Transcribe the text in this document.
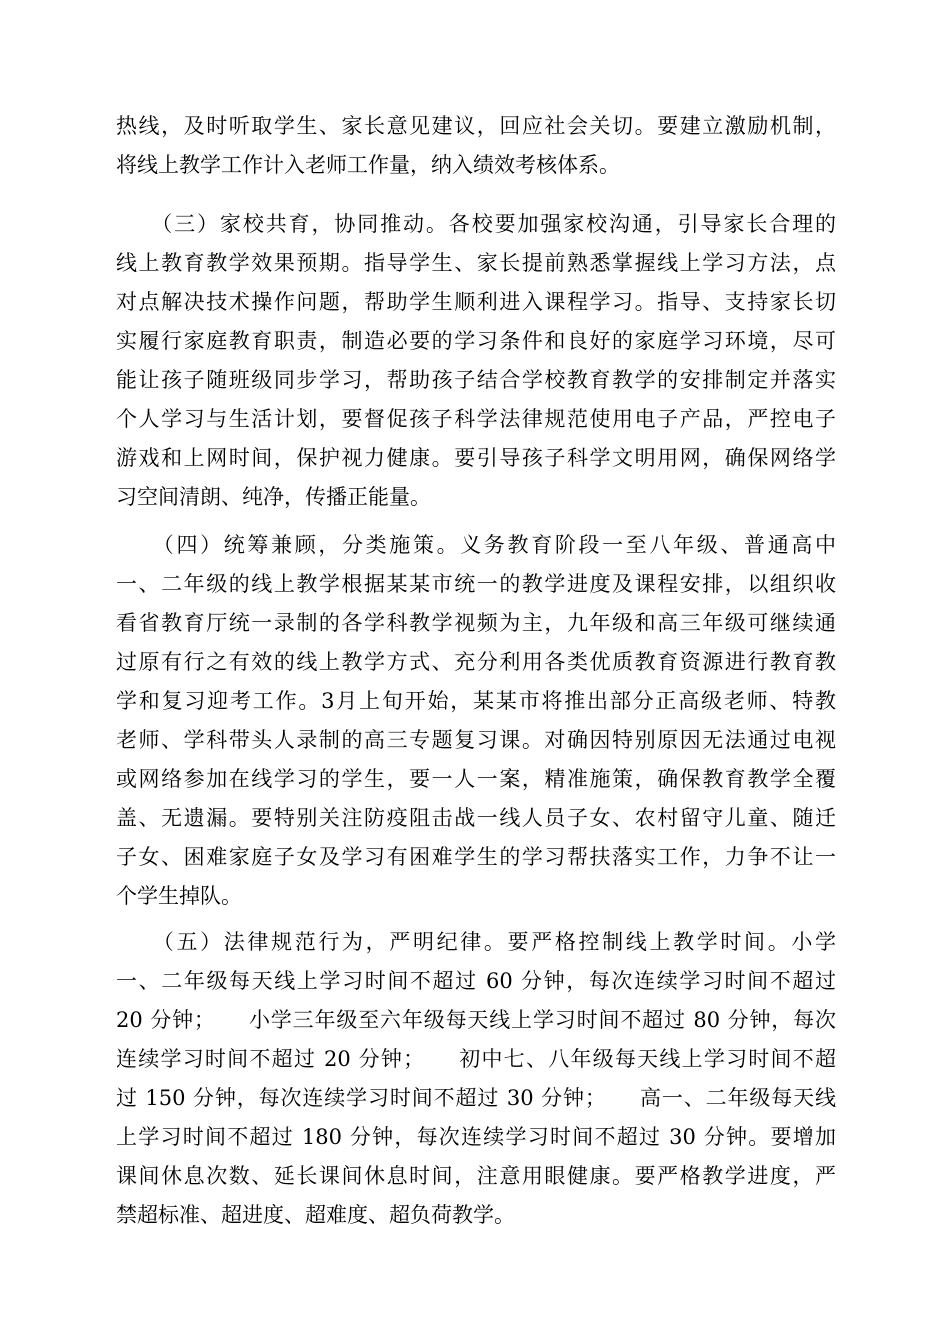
热线，及时听取学生、家长意见建议，回应社会关切。要建立激励机制，
将线上教学工作计入老师工作量，纳入绩效考核体系。

　　（三）家校共育，协同推动。各校要加强家校沟通，引导家长合理的
线上教育教学效果预期。指导学生、家长提前熟悉掌握线上学习方法，点
对点解决技术操作问题，帮助学生顺利进入课程学习。指导、支持家长切
实履行家庭教育职责，制造必要的学习条件和良好的家庭学习环境，尽可
能让孩子随班级同步学习，帮助孩子结合学校教育教学的安排制定并落实
个人学习与生活计划，要督促孩子科学法律规范使用电子产品，严控电子
游戏和上网时间，保护视力健康。要引导孩子科学文明用网，确保网络学
习空间清朗、纯净，传播正能量。

　　（四）统筹兼顾，分类施策。义务教育阶段一至八年级、普通高中
一、二年级的线上教学根据某某市统一的教学进度及课程安排，以组织收
看省教育厅统一录制的各学科教学视频为主，九年级和高三年级可继续通
过原有行之有效的线上教学方式、充分利用各类优质教育资源进行教育教
学和复习迎考工作。3月上旬开始，某某市将推出部分正高级老师、特教
老师、学科带头人录制的高三专题复习课。对确因特别原因无法通过电视
或网络参加在线学习的学生，要一人一案，精准施策，确保教育教学全覆
盖、无遗漏。要特别关注防疫阻击战一线人员子女、农村留守儿童、随迁
子女、困难家庭子女及学习有困难学生的学习帮扶落实工作，力争不让一
个学生掉队。

　　（五）法律规范行为，严明纪律。要严格控制线上教学时间。小学
一、二年级每天线上学习时间不超过 60 分钟，每次连续学习时间不超过
20 分钟；　　小学三年级至六年级每天线上学习时间不超过 80 分钟，每次
连续学习时间不超过 20 分钟；　　初中七、八年级每天线上学习时间不超
过 150 分钟，每次连续学习时间不超过 30 分钟；　　高一、二年级每天线
上学习时间不超过 180 分钟，每次连续学习时间不超过 30 分钟。要增加
课间休息次数、延长课间休息时间，注意用眼健康。要严格教学进度，严
禁超标准、超进度、超难度、超负荷教学。
